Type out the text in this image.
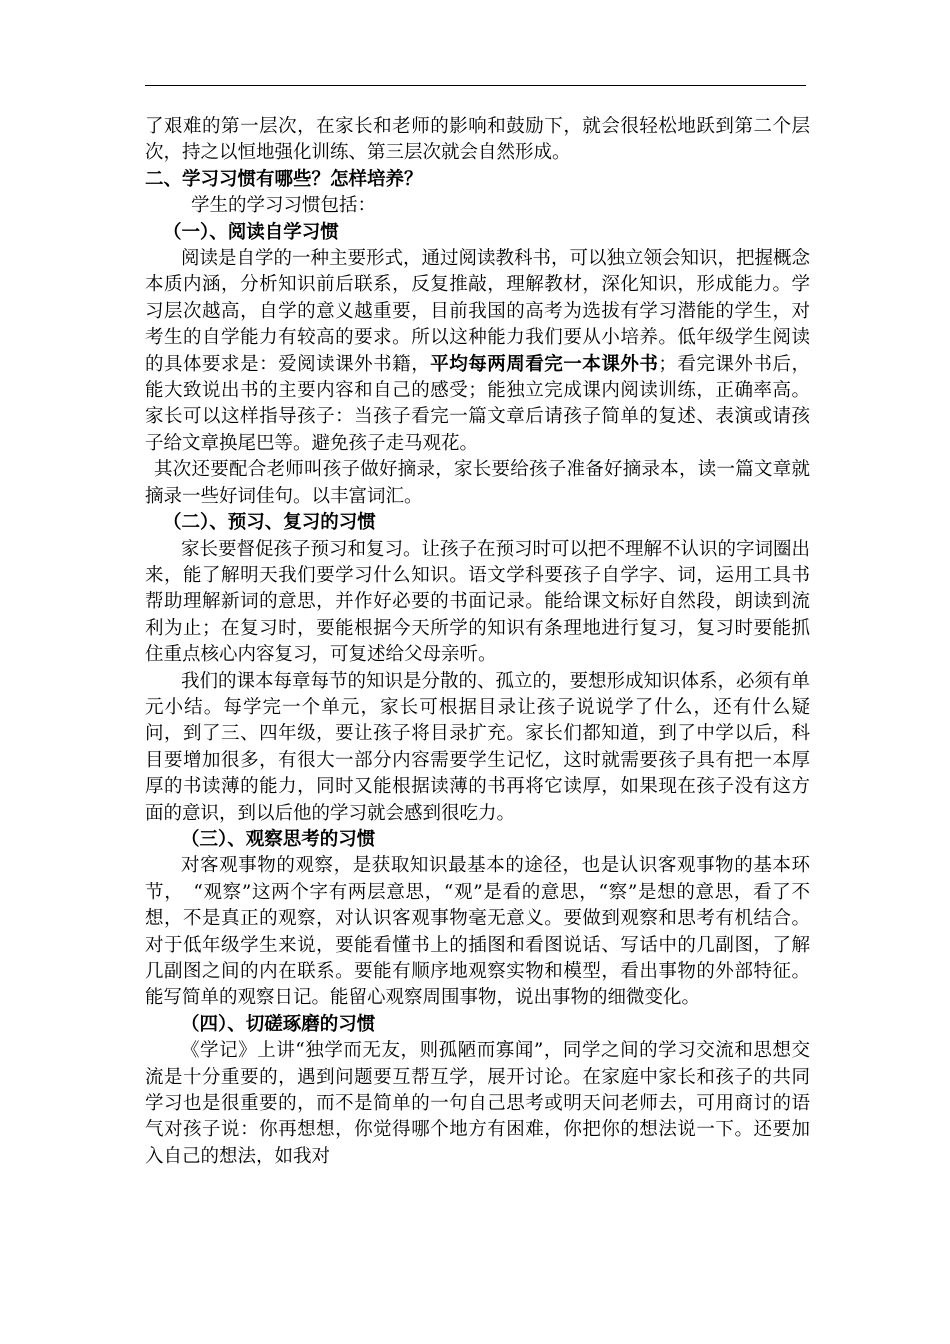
了艰难的第一层次，在家长和老师的影响和鼓励下，就会很轻松地跃到第二个层次，持之以恒地强化训练、第三层次就会自然形成。

二、学习习惯有哪些？怎样培养？

学生的学习习惯包括：

（一）、阅读自学习惯

阅读是自学的一种主要形式，通过阅读教科书，可以独立领会知识，把握概念本质内涵，分析知识前后联系，反复推敲，理解教材，深化知识，形成能力。学习层次越高，自学的意义越重要，目前我国的高考为选拔有学习潜能的学生，对考生的自学能力有较高的要求。所以这种能力我们要从小培养。低年级学生阅读的具体要求是：爱阅读课外书籍，平均每两周看完一本课外书；看完课外书后，能大致说出书的主要内容和自己的感受；能独立完成课内阅读训练，正确率高。家长可以这样指导孩子：当孩子看完一篇文章后请孩子简单的复述、表演或请孩子给文章换尾巴等。避免孩子走马观花。

其次还要配合老师叫孩子做好摘录，家长要给孩子准备好摘录本，读一篇文章就摘录一些好词佳句。以丰富词汇。

（二）、预习、复习的习惯

家长要督促孩子预习和复习。让孩子在预习时可以把不理解不认识的字词圈出来，能了解明天我们要学习什么知识。语文学科要孩子自学字、词，运用工具书帮助理解新词的意思，并作好必要的书面记录。能给课文标好自然段，朗读到流利为止；在复习时，要能根据今天所学的知识有条理地进行复习，复习时要能抓住重点核心内容复习，可复述给父母亲听。

我们的课本每章每节的知识是分散的、孤立的，要想形成知识体系，必须有单元小结。每学完一个单元，家长可根据目录让孩子说说学了什么，还有什么疑问，到了三、四年级，要让孩子将目录扩充。家长们都知道，到了中学以后，科目要增加很多，有很大一部分内容需要学生记忆，这时就需要孩子具有把一本厚厚的书读薄的能力，同时又能根据读薄的书再将它读厚，如果现在孩子没有这方面的意识，到以后他的学习就会感到很吃力。

（三）、观察思考的习惯

对客观事物的观察，是获取知识最基本的途径，也是认识客观事物的基本环节，　“观察”这两个字有两层意思，“观”是看的意思，“察”是想的意思，看了不想，不是真正的观察，对认识客观事物毫无意义。要做到观察和思考有机结合。对于低年级学生来说，要能看懂书上的插图和看图说话、写话中的几副图，了解几副图之间的内在联系。要能有顺序地观察实物和模型，看出事物的外部特征。能写简单的观察日记。能留心观察周围事物，说出事物的细微变化。

（四）、切磋琢磨的习惯

《学记》上讲“独学而无友，则孤陋而寡闻”，同学之间的学习交流和思想交流是十分重要的，遇到问题要互帮互学，展开讨论。在家庭中家长和孩子的共同学习也是很重要的，而不是简单的一句自己思考或明天问老师去，可用商讨的语气对孩子说：你再想想，你觉得哪个地方有困难，你把你的想法说一下。还要加入自己的想法，如我对
